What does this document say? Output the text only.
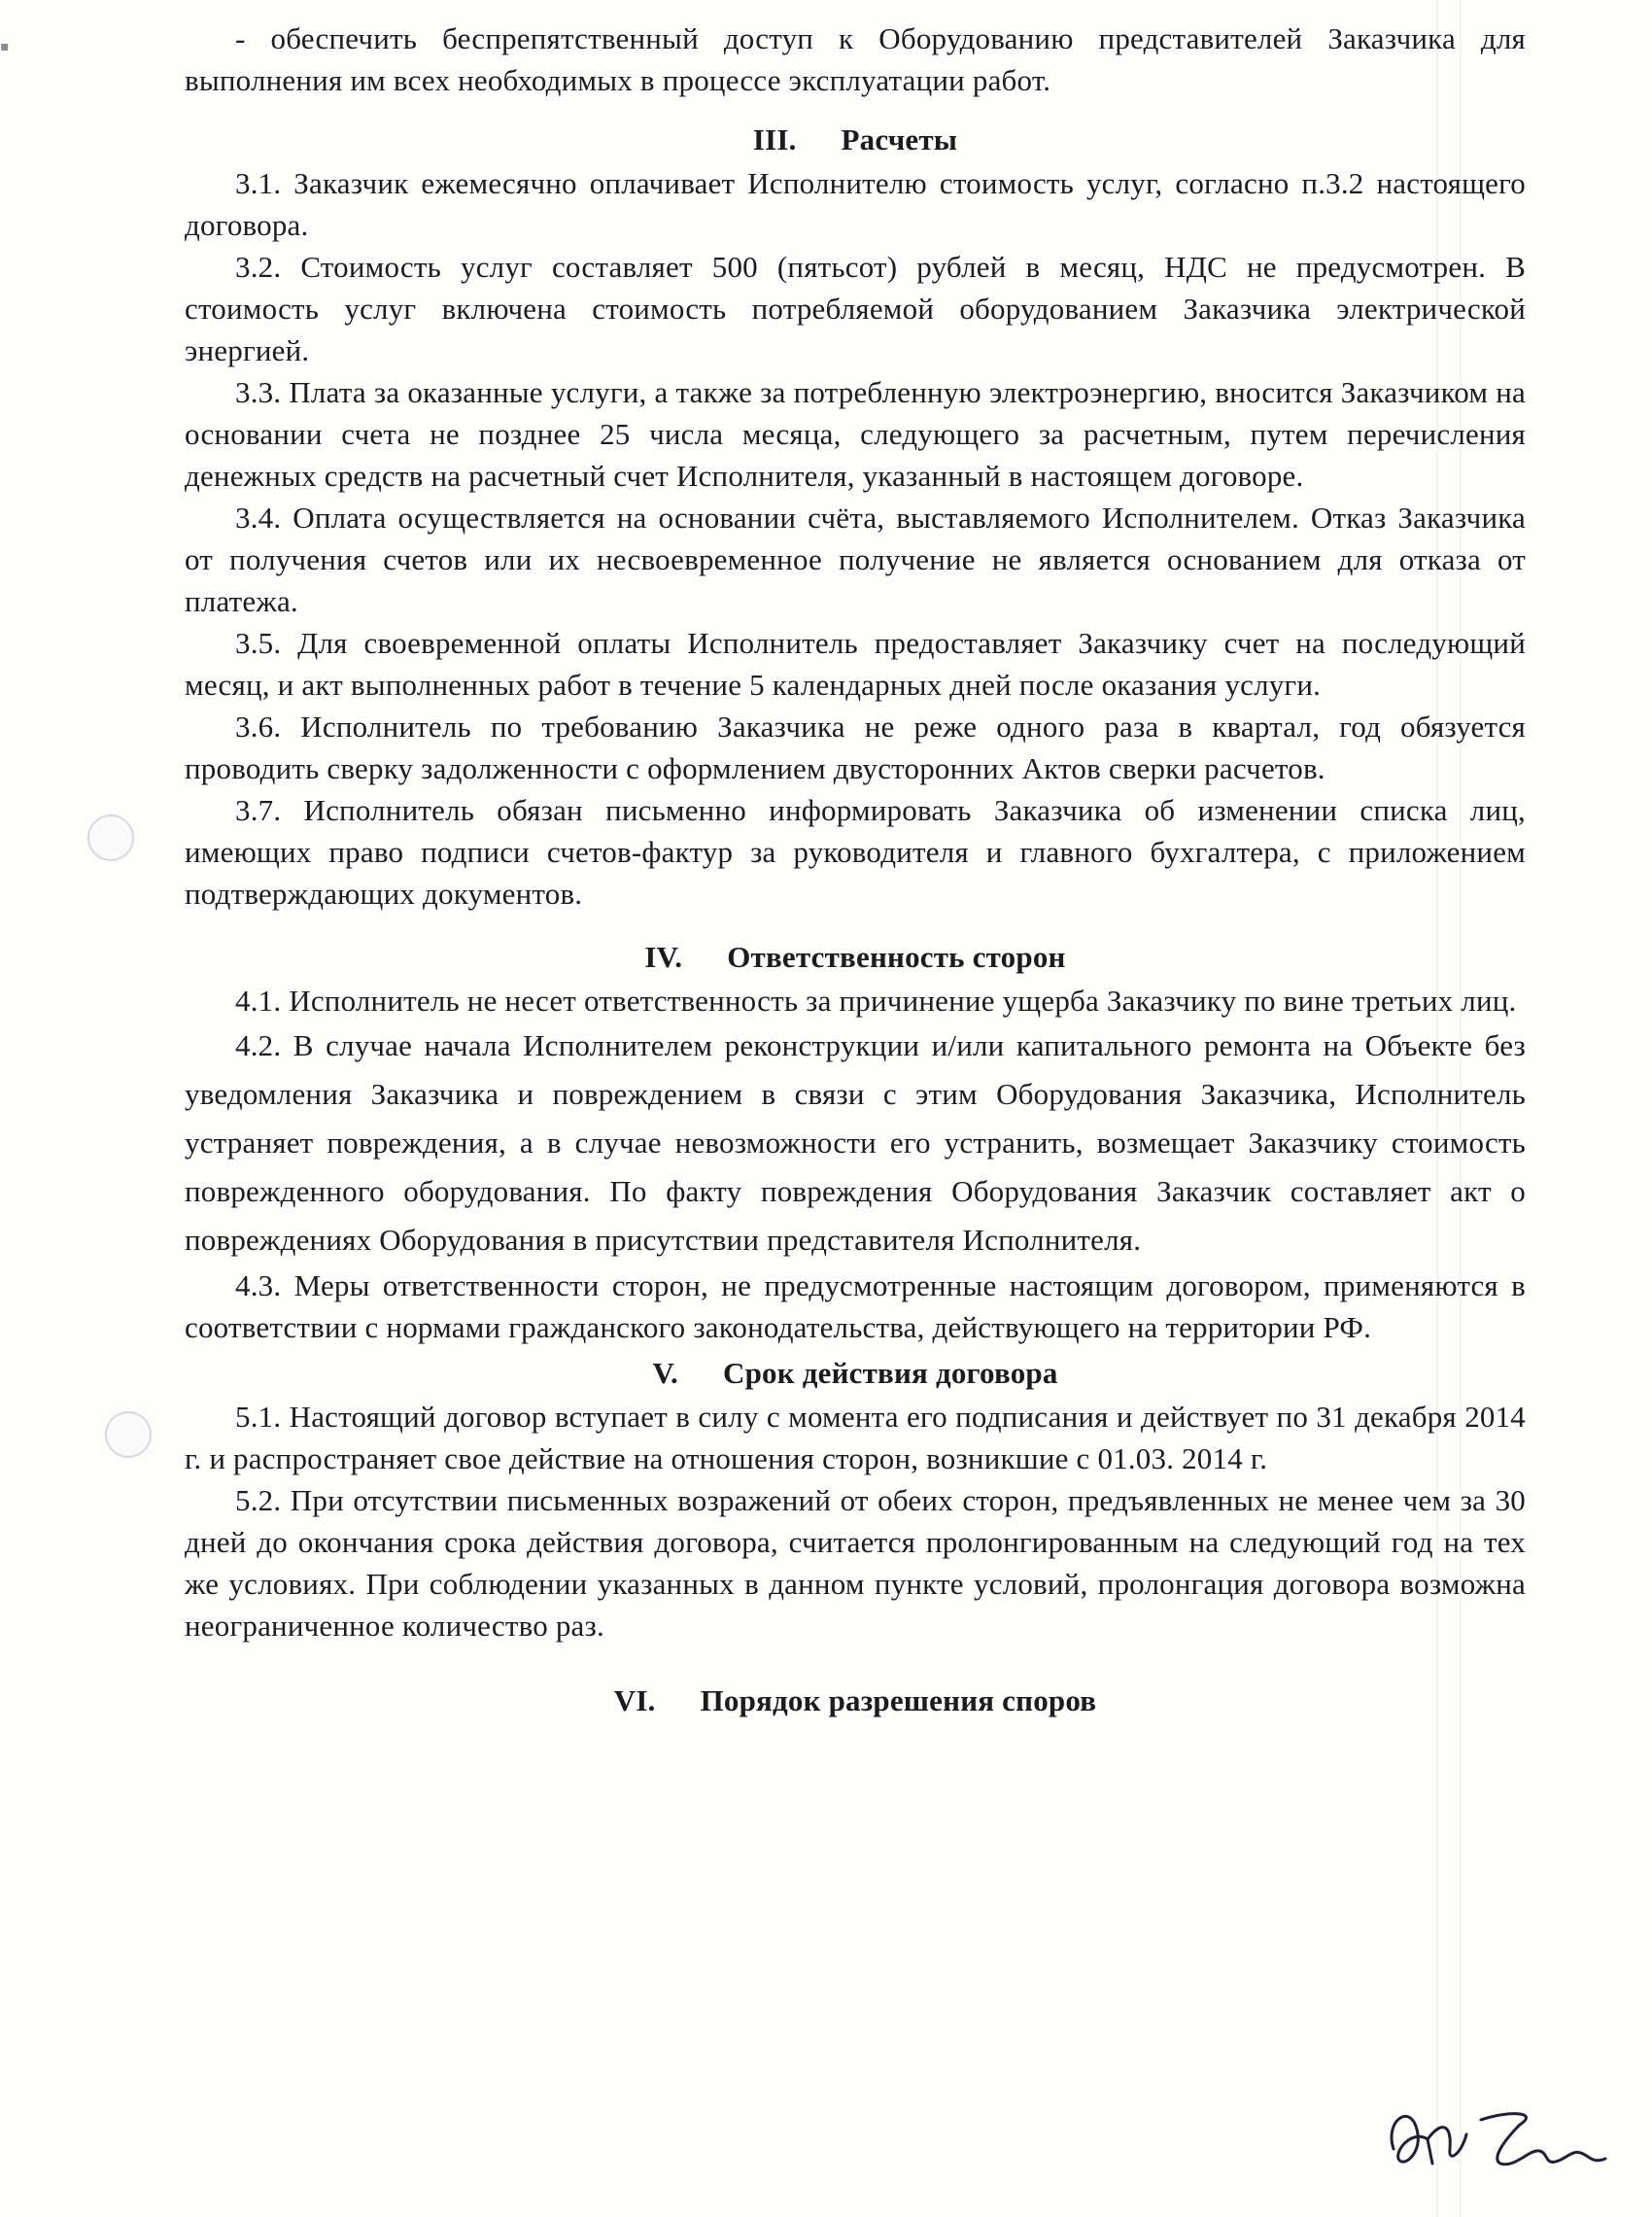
▪	- обеспечить беспрепятственный доступ к Оборудованию представителей Заказчика для выполнения им всех необходимых в процессе эксплуатации работ.

III. Расчеты

3.1. Заказчик ежемесячно оплачивает Исполнителю стоимость услуг, согласно п.3.2 настоящего договора.

3.2. Стоимость услуг составляет 500 (пятьсот) рублей в месяц, НДС не предусмотрен. В стоимость услуг включена стоимость потребляемой оборудованием Заказчика электрической энергией.

3.3. Плата за оказанные услуги, а также за потребленную электроэнергию, вносится Заказчиком на основании счета не позднее 25 числа месяца, следующего за расчетным, путем перечисления денежных средств на расчетный счет Исполнителя, указанный в настоящем договоре.

3.4. Оплата осуществляется на основании счёта, выставляемого Исполнителем. Отказ Заказчика от получения счетов или их несвоевременное получение не является основанием для отказа от платежа.

3.5. Для своевременной оплаты Исполнитель предоставляет Заказчику счет на последующий месяц, и акт выполненных работ в течение 5 календарных дней после оказания услуги.

3.6. Исполнитель по требованию Заказчика не реже одного раза в квартал, год обязуется проводить сверку задолженности с оформлением двусторонних Актов сверки расчетов.

3.7. Исполнитель обязан письменно информировать Заказчика об изменении списка лиц, имеющих право подписи счетов-фактур за руководителя и главного бухгалтера, с приложением подтверждающих документов.

IV. Ответственность сторон

4.1. Исполнитель не несет ответственность за причинение ущерба Заказчику по вине третьих лиц.

4.2. В случае начала Исполнителем реконструкции и/или капитального ремонта на Объекте без уведомления Заказчика и повреждением в связи с этим Оборудования Заказчика, Исполнитель устраняет повреждения, а в случае невозможности его устранить, возмещает Заказчику стоимость поврежденного оборудования. По факту повреждения Оборудования Заказчик составляет акт о повреждениях Оборудования в присутствии представителя Исполнителя.

4.3. Меры ответственности сторон, не предусмотренные настоящим договором, применяются в соответствии с нормами гражданского законодательства, действующего на территории РФ.

V. Срок действия договора

5.1. Настоящий договор вступает в силу с момента его подписания и действует по 31 декабря 2014 г. и распространяет свое действие на отношения сторон, возникшие с 01.03. 2014 г.

5.2. При отсутствии письменных возражений от обеих сторон, предъявленных не менее чем за 30 дней до окончания срока действия договора, считается пролонгированным на следующий год на тех же условиях. При соблюдении указанных в данном пункте условий, пролонгация договора возможна неограниченное количество раз.

VI. Порядок разрешения споров
